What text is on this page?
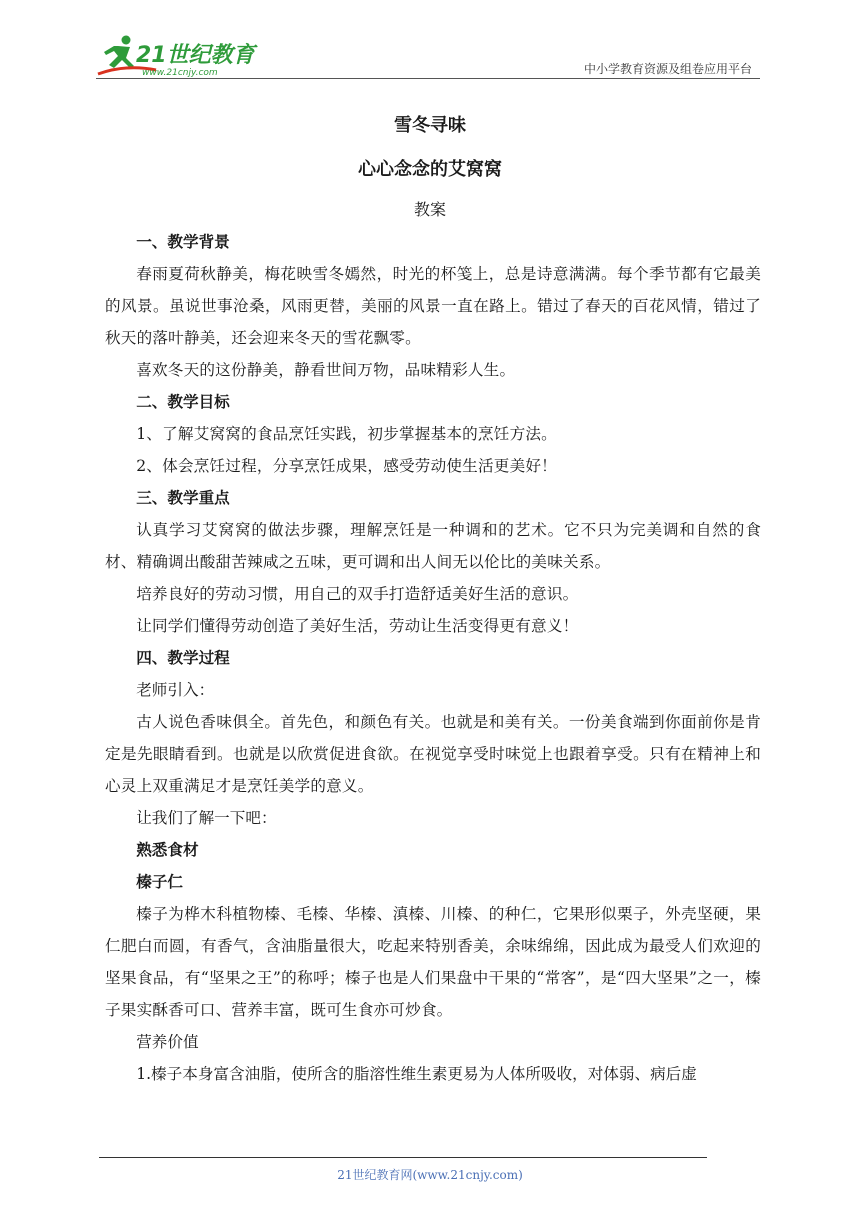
21世纪教育
www.21cnjy.com	中小学教育资源及组卷应用平台
雪冬寻味
心心念念的艾窝窝
教案

一、教学背景

春雨夏荷秋静美，梅花映雪冬嫣然，时光的杯笺上，总是诗意满满。每个季节都有它最美的风景。虽说世事沧桑，风雨更替，美丽的风景一直在路上。错过了春天的百花风情，错过了秋天的落叶静美，还会迎来冬天的雪花飘零。

喜欢冬天的这份静美，静看世间万物，品味精彩人生。

二、教学目标

1、了解艾窝窝的食品烹饪实践，初步掌握基本的烹饪方法。

2、体会烹饪过程，分享烹饪成果，感受劳动使生活更美好！

三、教学重点

认真学习艾窝窝的做法步骤，理解烹饪是一种调和的艺术。它不只为完美调和自然的食材、精确调出酸甜苦辣咸之五味，更可调和出人间无以伦比的美味关系。

培养良好的劳动习惯，用自己的双手打造舒适美好生活的意识。

让同学们懂得劳动创造了美好生活，劳动让生活变得更有意义！

四、教学过程

老师引入：

古人说色香味俱全。首先色，和颜色有关。也就是和美有关。一份美食端到你面前你是肯定是先眼睛看到。也就是以欣赏促进食欲。在视觉享受时味觉上也跟着享受。只有在精神上和心灵上双重满足才是烹饪美学的意义。

让我们了解一下吧：

熟悉食材

榛子仁

榛子为桦木科植物榛、毛榛、华榛、滇榛、川榛、的种仁，它果形似栗子，外壳坚硬，果仁肥白而圆，有香气，含油脂量很大，吃起来特别香美，余味绵绵，因此成为最受人们欢迎的坚果食品，有“坚果之王”的称呼；榛子也是人们果盘中干果的“常客”，是“四大坚果”之一，榛子果实酥香可口、营养丰富，既可生食亦可炒食。

营养价值

1.榛子本身富含油脂，使所含的脂溶性维生素更易为人体所吸收，对体弱、病后虚

21世纪教育网(www.21cnjy.com)
